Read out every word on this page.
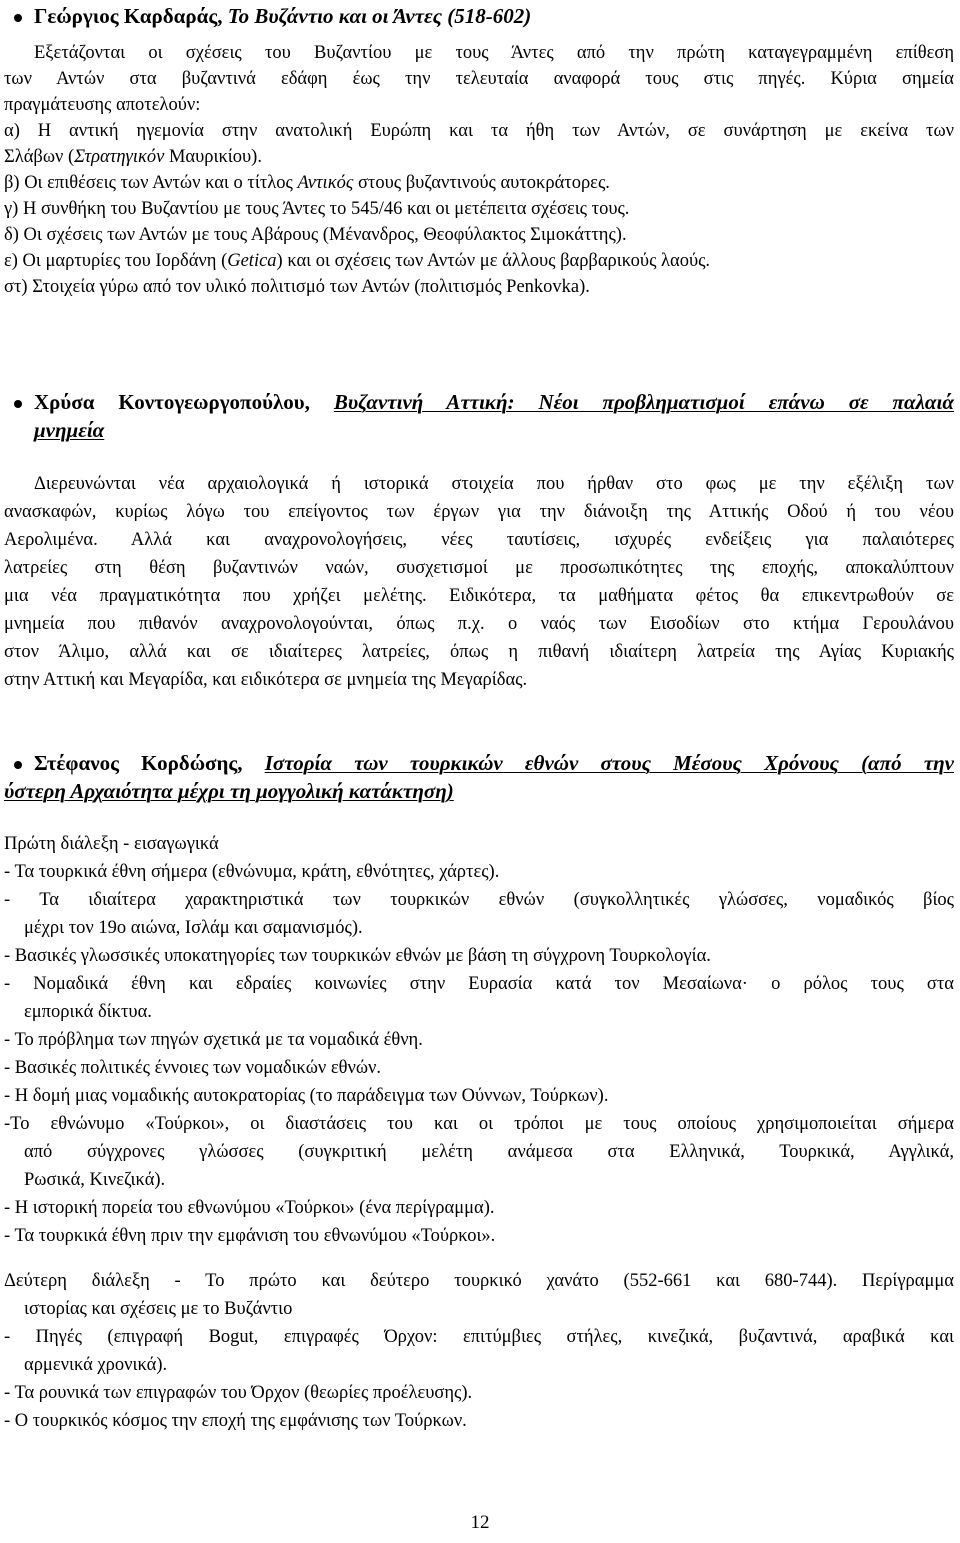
Γεώργιος Καρδαράς, Το Βυζάντιο και οι Άντες (518-602)
Εξετάζονται οι σχέσεις του Βυζαντίου με τους Άντες από την πρώτη καταγεγραμμένη επίθεση
των Αντών στα βυζαντινά εδάφη έως την τελευταία αναφορά τους στις πηγές. Κύρια σημεία
πραγμάτευσης αποτελούν:
α) Η αντική ηγεμονία στην ανατολική Ευρώπη και τα ήθη των Αντών, σε συνάρτηση με εκείνα των
Σλάβων (Στρατηγικόν Μαυρικίου).
β) Οι επιθέσεις των Αντών και ο τίτλος Αντικός στους βυζαντινούς αυτοκράτορες.
γ) Η συνθήκη του Βυζαντίου με τους Άντες το 545/46 και οι μετέπειτα σχέσεις τους.
δ) Οι σχέσεις των Αντών με τους Αβάρους (Μένανδρος, Θεοφύλακτος Σιμοκάττης).
ε) Οι μαρτυρίες του Ιορδάνη (Getica) και οι σχέσεις των Αντών με άλλους βαρβαρικούς λαούς.
στ) Στοιχεία γύρω από τον υλικό πολιτισμό των Αντών (πολιτισμός Penkovka).
Χρύσα Κοντογεωργοπούλου, Βυζαντινή Αττική: Νέοι προβληματισμοί επάνω σε παλαιά
μνημεία
Διερευνώνται νέα αρχαιολογικά ή ιστορικά στοιχεία που ήρθαν στο φως με την εξέλιξη των
ανασκαφών, κυρίως λόγω του επείγοντος των έργων για την διάνοιξη της Αττικής Οδού ή του νέου
Αερολιμένα. Αλλά και αναχρονολογήσεις, νέες ταυτίσεις, ισχυρές ενδείξεις για παλαιότερες
λατρείες στη θέση βυζαντινών ναών, συσχετισμοί με προσωπικότητες της εποχής, αποκαλύπτουν
μια νέα πραγματικότητα που χρήζει μελέτης. Ειδικότερα, τα μαθήματα φέτος θα επικεντρωθούν σε
μνημεία που πιθανόν αναχρονολογούνται, όπως π.χ. ο ναός των Εισοδίων στο κτήμα Γερουλάνου
στον Άλιμο, αλλά και σε ιδιαίτερες λατρείες, όπως η πιθανή ιδιαίτερη λατρεία της Αγίας Κυριακής
στην Αττική και Μεγαρίδα, και ειδικότερα σε μνημεία της Μεγαρίδας.
Στέφανος Κορδώσης, Ιστορία των τουρκικών εθνών στους Μέσους Χρόνους (από την
ύστερη Αρχαιότητα μέχρι τη μογγολική κατάκτηση)
Πρώτη διάλεξη - εισαγωγικά
- Τα τουρκικά έθνη σήμερα (εθνώνυμα, κράτη, εθνότητες, χάρτες).
- Τα ιδιαίτερα χαρακτηριστικά των τουρκικών εθνών (συγκολλητικές γλώσσες, νομαδικός βίος
μέχρι τον 19ο αιώνα, Ισλάμ και σαμανισμός).
- Βασικές γλωσσικές υποκατηγορίες των τουρκικών εθνών με βάση τη σύγχρονη Τουρκολογία.
- Νομαδικά έθνη και εδραίες κοινωνίες στην Ευρασία κατά τον Μεσαίωνα· ο ρόλος τους στα
εμπορικά δίκτυα.
- Το πρόβλημα των πηγών σχετικά με τα νομαδικά έθνη.
- Βασικές πολιτικές έννοιες των νομαδικών εθνών.
- Η δομή μιας νομαδικής αυτοκρατορίας (το παράδειγμα των Ούννων, Τούρκων).
-Το εθνώνυμο «Τούρκοι», οι διαστάσεις του και οι τρόποι με τους οποίους χρησιμοποιείται σήμερα
από σύγχρονες γλώσσες (συγκριτική μελέτη ανάμεσα στα Ελληνικά, Τουρκικά, Αγγλικά,
Ρωσικά, Κινεζικά).
- Η ιστορική πορεία του εθνωνύμου «Τούρκοι» (ένα περίγραμμα).
- Τα τουρκικά έθνη πριν την εμφάνιση του εθνωνύμου «Τούρκοι».
Δεύτερη διάλεξη - Το πρώτο και δεύτερο τουρκικό χανάτο (552-661 και 680-744). Περίγραμμα
ιστορίας και σχέσεις με το Βυζάντιο
- Πηγές (επιγραφή Bogut, επιγραφές Όρχον: επιτύμβιες στήλες, κινεζικά, βυζαντινά, αραβικά και
αρμενικά χρονικά).
- Τα ρουνικά των επιγραφών του Όρχον (θεωρίες προέλευσης).
- Ο τουρκικός κόσμος την εποχή της εμφάνισης των Τούρκων.
12
